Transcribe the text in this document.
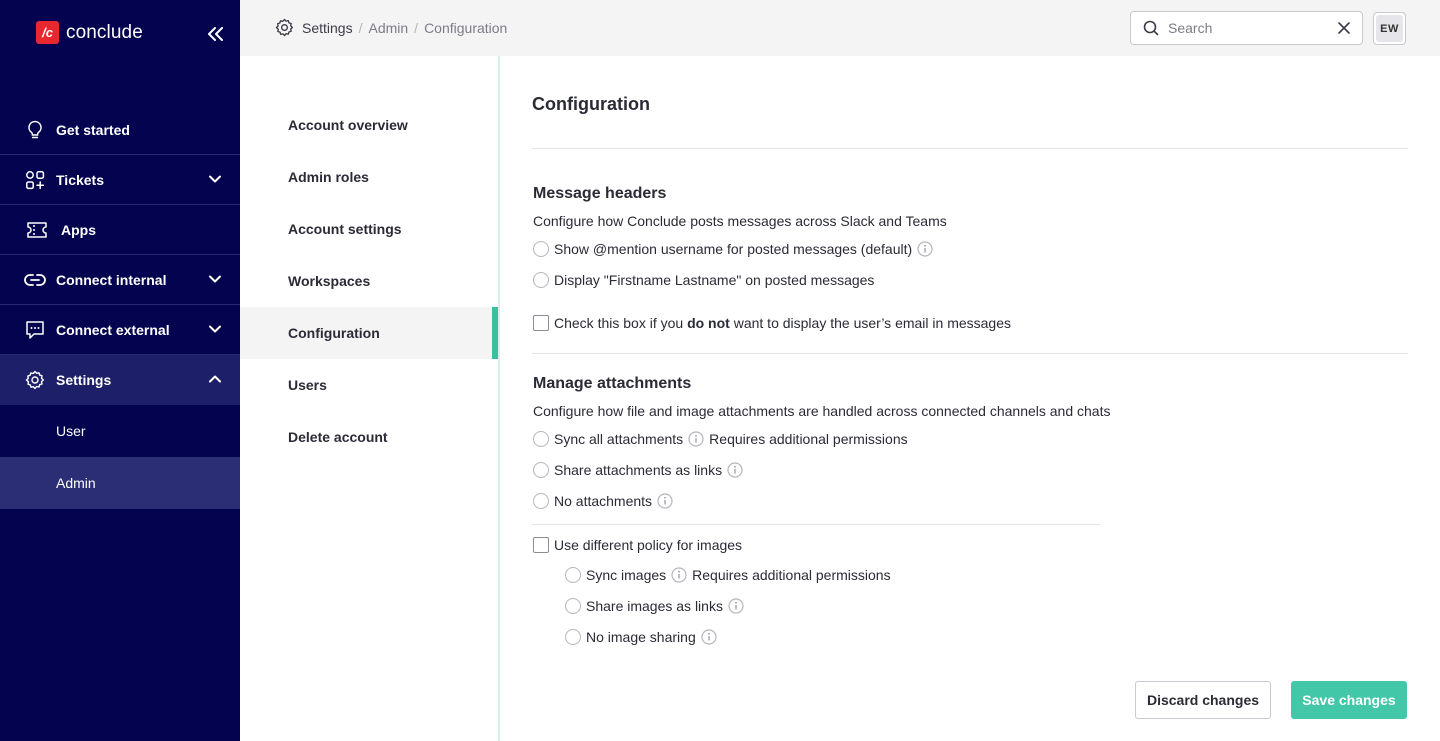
/c conclude
Get started
Tickets
Apps
Connect internal
Connect external
Settings
User
Admin
Settings / Admin / Configuration
Search	EW
Account overview
Admin roles
Account settings
Workspaces
Configuration
Users
Delete account
Configuration
Message headers

Configure how Conclude posts messages across Slack and Teams

Show @mention username for posted messages (default)
Display "Firstname Lastname" on posted messages
Check this box if you do not want to display the user’s email in messages
Manage attachments

Configure how file and image attachments are handled across connected channels and chats

Sync all attachments Requires additional permissions
Share attachments as links
No attachments
Use different policy for images
Sync images Requires additional permissions
Share images as links
No image sharing
Discard changes	Save changes
